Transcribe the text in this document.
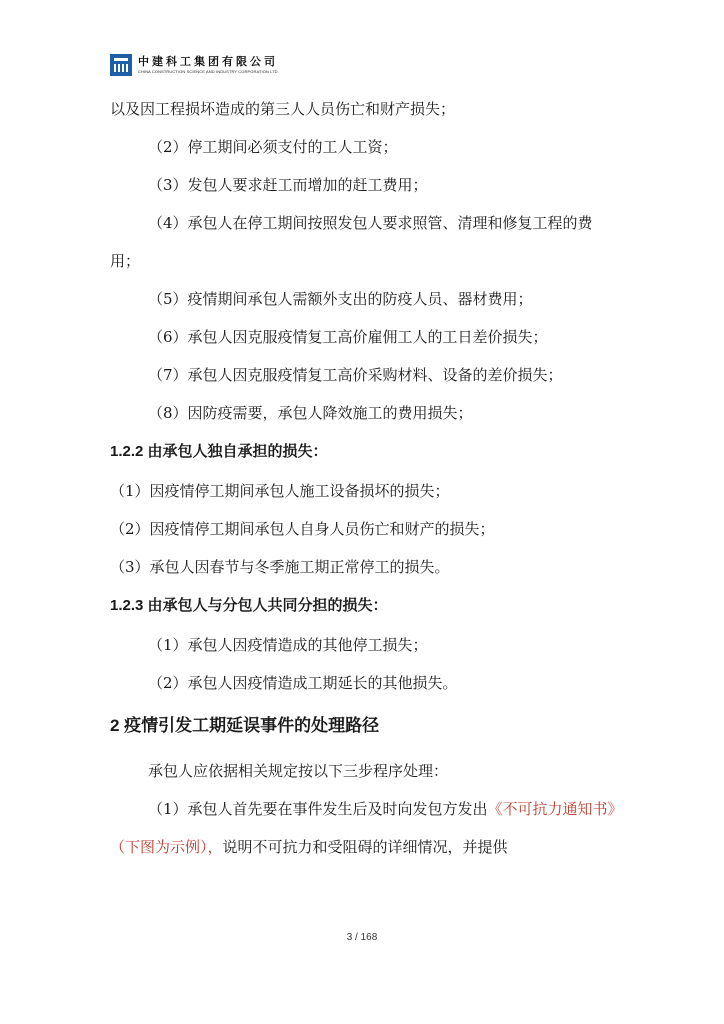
中建科工集团有限公司
CHINA CONSTRUCTION SCIENCE AND INDUSTRY CORPORATION LTD.

以及因工程损坏造成的第三人人员伤亡和财产损失；

（2）停工期间必须支付的工人工资；

（3）发包人要求赶工而增加的赶工费用；

（4）承包人在停工期间按照发包人要求照管、清理和修复工程的费用；

（5）疫情期间承包人需额外支出的防疫人员、器材费用；

（6）承包人因克服疫情复工高价雇佣工人的工日差价损失；

（7）承包人因克服疫情复工高价采购材料、设备的差价损失；

（8）因防疫需要，承包人降效施工的费用损失；

1.2.2 由承包人独自承担的损失：

（1）因疫情停工期间承包人施工设备损坏的损失；

（2）因疫情停工期间承包人自身人员伤亡和财产的损失；

（3）承包人因春节与冬季施工期正常停工的损失。

1.2.3 由承包人与分包人共同分担的损失：

（1）承包人因疫情造成的其他停工损失；

（2）承包人因疫情造成工期延长的其他损失。

2 疫情引发工期延误事件的处理路径

承包人应依据相关规定按以下三步程序处理：

（1）承包人首先要在事件发生后及时向发包方发出《不可抗力通知书》（下图为示例），说明不可抗力和受阻碍的详细情况，并提供

3 / 168
